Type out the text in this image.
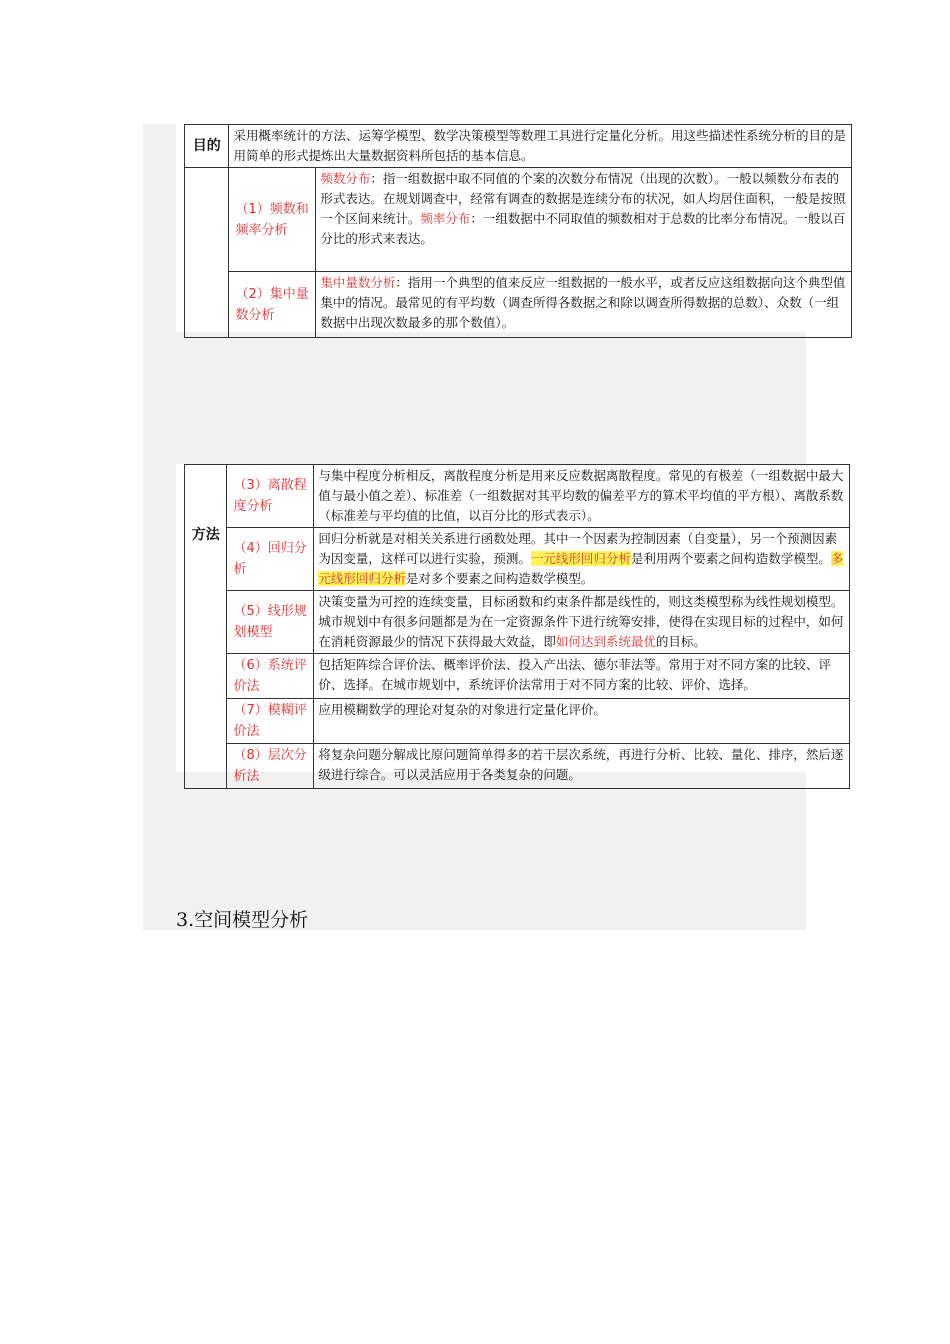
目的	采用概率统计的方法、运筹学模型、数学决策模型等数理工具进行定量化分析。用这些描述性系统分析的目的是用简单的形式提炼出大量数据资料所包括的基本信息。	
	（1）频数和频率分析	频数分布：指一组数据中取不同值的个案的次数分布情况（出现的次数）。一般以频数分布表的形式表达。在规划调查中，经常有调查的数据是连续分布的状况，如人均居住面积，一般是按照一个区间来统计。频率分布：一组数据中不同取值的频数相对于总数的比率分布情况。一般以百分比的形式来表达。
	（2）集中量数分析	集中量数分析：指用一个典型的值来反应一组数据的一般水平，或者反应这组数据向这个典型值集中的情况。最常见的有平均数（调查所得各数据之和除以调查所得数据的总数）、众数（一组数据中出现次数最多的那个数值）。
方法	（3）离散程度分析	与集中程度分析相反，离散程度分析是用来反应数据离散程度。常见的有极差（一组数据中最大值与最小值之差）、标准差（一组数据对其平均数的偏差平方的算术平均值的平方根）、离散系数（标准差与平均值的比值，以百分比的形式表示）。
	（4）回归分析	回归分析就是对相关关系进行函数处理。其中一个因素为控制因素（自变量），另一个预测因素为因变量，这样可以进行实验，预测。一元线形回归分析是利用两个要素之间构造数学模型。多元线形回归分析是对多个要素之间构造数学模型。
	（5）线形规划模型	决策变量为可控的连续变量，目标函数和约束条件都是线性的，则这类模型称为线性规划模型。城市规划中有很多问题都是为在一定资源条件下进行统筹安排，使得在实现目标的过程中，如何在消耗资源最少的情况下获得最大效益，即如何达到系统最优的目标。
	（6）系统评价法	包括矩阵综合评价法、概率评价法、投入产出法、德尔菲法等。常用于对不同方案的比较、评价、选择。在城市规划中，系统评价法常用于对不同方案的比较、评价、选择。
	（7）模糊评价法	应用模糊数学的理论对复杂的对象进行定量化评价。
	（8）层次分析法	将复杂问题分解成比原问题简单得多的若干层次系统，再进行分析、比较、量化、排序，然后逐级进行综合。可以灵活应用于各类复杂的问题。
3.空间模型分析
